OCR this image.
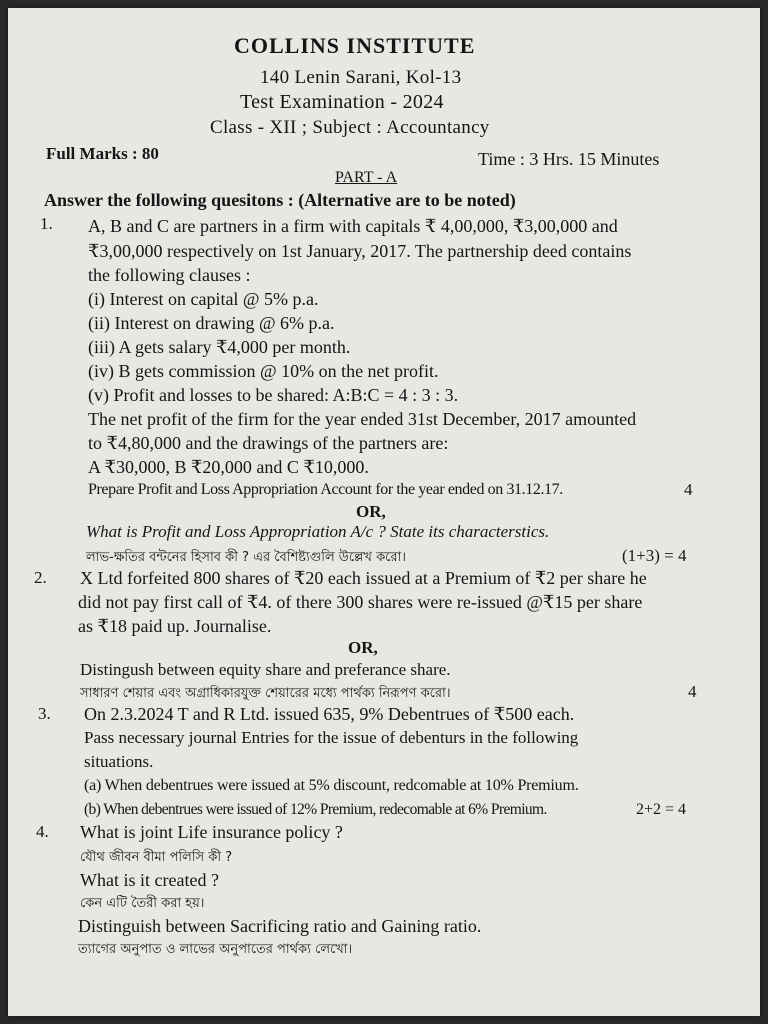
COLLINS INSTITUTE
140 Lenin Sarani, Kol-13
Test Examination - 2024
Class - XII ; Subject : Accountancy
Full Marks : 80	Time : 3 Hrs. 15 Minutes
PART - A
Answer the following quesitons : (Alternative are to be noted)
1. A, B and C are partners in a firm with capitals ₹ 4,00,000, ₹3,00,000 and
₹3,00,000 respectively on 1st January, 2017. The partnership deed contains
the following clauses :
(i) Interest on capital @ 5% p.a.
(ii) Interest on drawing @ 6% p.a.
(iii) A gets salary ₹4,000 per month.
(iv) B gets commission @ 10% on the net profit.
(v) Profit and losses to be shared: A:B:C = 4 : 3 : 3.
The net profit of the firm for the year ended 31st December, 2017 amounted
to ₹4,80,000 and the drawings of the partners are:
A ₹30,000, B ₹20,000 and C ₹10,000.
Prepare Profit and Loss Appropriation Account for the year ended on 31.12.17.	4
OR,
What is Profit and Loss Appropriation A/c ? State its characterstics.
লাভ-ক্ষতির বন্টনের হিসাব কী ? এর বৈশিষ্ট্যগুলি উল্লেখ করো।	(1+3) = 4
2. X Ltd forfeited 800 shares of ₹20 each issued at a Premium of ₹2 per share he
did not pay first call of ₹4. of there 300 shares were re-issued @₹15 per share
as ₹18 paid up. Journalise.
OR,
Distingush between equity share and preferance share.
সাধারণ শেয়ার এবং অগ্রাধিকারযুক্ত শেয়ারের মধ্যে পার্থক্য নিরূপণ করো।	4
3. On 2.3.2024 T and R Ltd. issued 635, 9% Debentrues of ₹500 each.
Pass necessary journal Entries for the issue of debenturs in the following
situations.
(a) When debentrues were issued at 5% discount, redcomable at 10% Premium.
(b) When debentrues were issued of 12% Premium, redecomable at 6% Premium.	2+2 = 4
4. What is joint Life insurance policy ?
যৌথ জীবন বীমা পলিসি কী ?
What is it created ?
কেন এটি তৈরী করা হয়।
Distinguish between Sacrificing ratio and Gaining ratio.
ত্যাগের অনুপাত ও লাভের অনুপাতের পার্থক্য লেখো।
